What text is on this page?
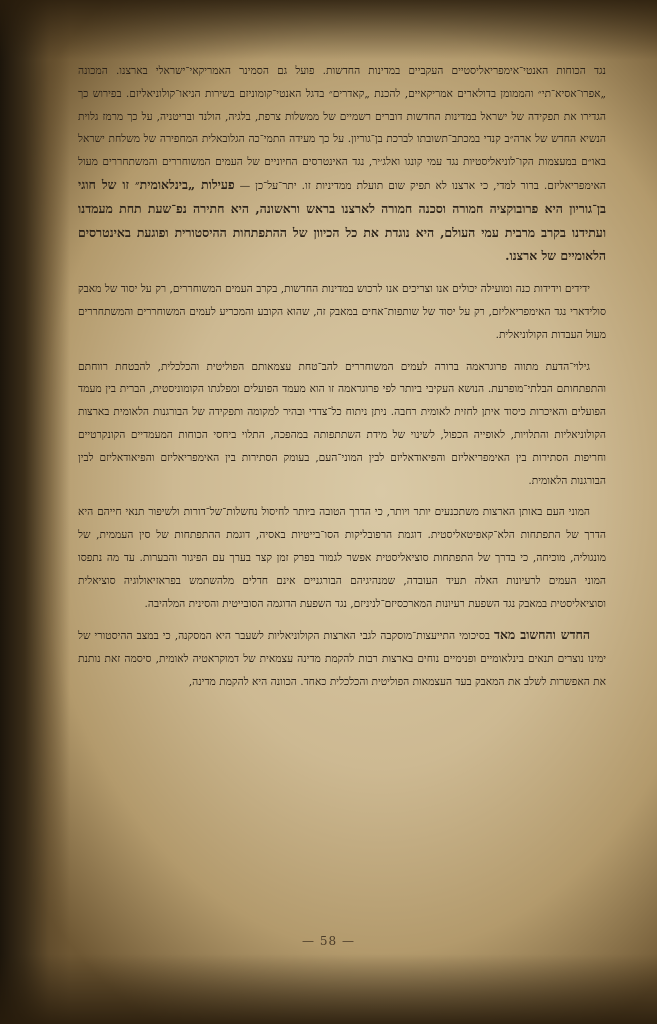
נגד הכוחות האנטי־אימפריאליסטיים העקביים במדינות החדשות. פועל גם הסמינר האמריקאי־ישראלי בארצנו. המכונה „אפרו־אסיא־תי״ והממומן בדולארים אמריקאיים, להכנת „קאדרים״ בדגל האנטי־קומוניזם בשירות הניאו־קולוניאליזם. בפירוש כך הגדירו את תפקידה של ישראל במדינות החדשות דוברים רשמיים של ממשלות צרפת, בלגיה, הולנד ובריטניה, על כך מרמז גלוית הנשיא החדש של ארה״ב קנדי במכתב־תשובתו לברכת בן־גוריון. על כך מעידה התמי־כה הגלובאלית המחפירה של משלחת ישראל באו״ם במעצמות הקו־לוניאליסטיות נגד עמי קונגו ואלג׳יר, נגד האינטרסים החיוניים של העמים המשוחררים והמשתחררים מעול האימפריאליזם. ברור למדי, כי ארצנו לא תפיק שום תועלת ממדיניות זו. יתר־על־כן — פעילות „בינלאומית״ זו של חוגי בן־גוריון היא פרובוקציה חמורה וסכנה חמורה לארצנו בראש וראשונה, היא חתירה נפ־שעת תחת מעמדנו ועתידנו בקרב מרבית עמי העולם, היא נוגדת את כל הכיוון של ההתפתחות ההיסטורית ופוגעת באינטרסים הלאומיים של ארצנו.

ידידים וידידות כנה ומועילה יכולים אנו וצריכים אנו לרכוש במדינות החדשות, בקרב העמים המשוחררים, רק על יסוד של מאבק סולידארי נגד האימפריאליזם, רק על יסוד של שותפות־אחים במאבק זה, שהוא הקובע והמכריע לעמים המשוחררים והמשתחררים מעול העבדות הקולוניאלית.

גילוי־הדעת מתווה פרוגראמה ברורה לעמים המשוחררים להב־טחת עצמאותם הפוליטית והכלכלית, להבטחת רווחתם והתפתחותם הבלתי־מופרעת. הנושא העקיבי ביותר לפי פרוגראמה זו הוא מעמד הפועלים ומפלגתו הקומוניסטית, הברית בין מעמד הפועלים והאיכרות כיסוד איתן לחזית לאומית רחבה. ניתן ניתוח כל־צדדי ובהיר למקומה ותפקידה של הבורגנות הלאומית בארצות הקולוניאליות והתלויות, לאופייה הכפול, לשינוי של מידת השתתפותה במהפכה, התלוי ביחסי הכוחות המעמדיים הקונקרטיים וחריפות הסתירות בין האימפריאליזם והפיאודאליזם לבין המוני־העם, בעומק הסתירות בין האימפריאליזם והפיאודאליזם לבין הבורגנות הלאומית.

המוני העם באותן הארצות משתכנעים יותר ויותר, כי הדרך הטובה ביותר לחיסול נחשלות־של־דורות ולשיפור תנאי חייהם היא הדרך של התפתחות הלא־קאפיטאליסטית. דוגמת הרפובליקות הסו־בייטיות באסיה, דוגמת ההתפתחות של סין העממית, של מונגוליה, מוכיחה, כי בדרך של התפתחות סוציאליסטית אפשר לגמור בפרק זמן קצר בערך עם הפיגור והבערות. עד מה נתפסו המוני העמים לרעיונות האלה תעיד העובדה, שמנהיגיהם הבורגניים אינם חדלים מלהשתמש בפראזיאולוגיה סוציאלית וסוציאליסטית במאבק נגד השפעת רעיונות המארכסיזם־לניניזם, נגד השפעת הדוגמה הסובייטית והסינית המלהיבה.

החדש והחשוב מאד בסיכומי התייעצות־מוסקבה לגבי הארצות הקולוניאליות לשעבר היא המסקנה, כי במצב ההיסטורי של ימינו נוצרים תנאים בינלאומיים ופנימיים נוחים בארצות רבות להקמת מדינה עצמאית של דמוקראטיה לאומית, סיסמה זאת נותנת את האפשרות לשלב את המאבק בעד העצמאות הפוליטית והכלכלית כאחד. הכוונה היא להקמת מדינה,

— 58 —
